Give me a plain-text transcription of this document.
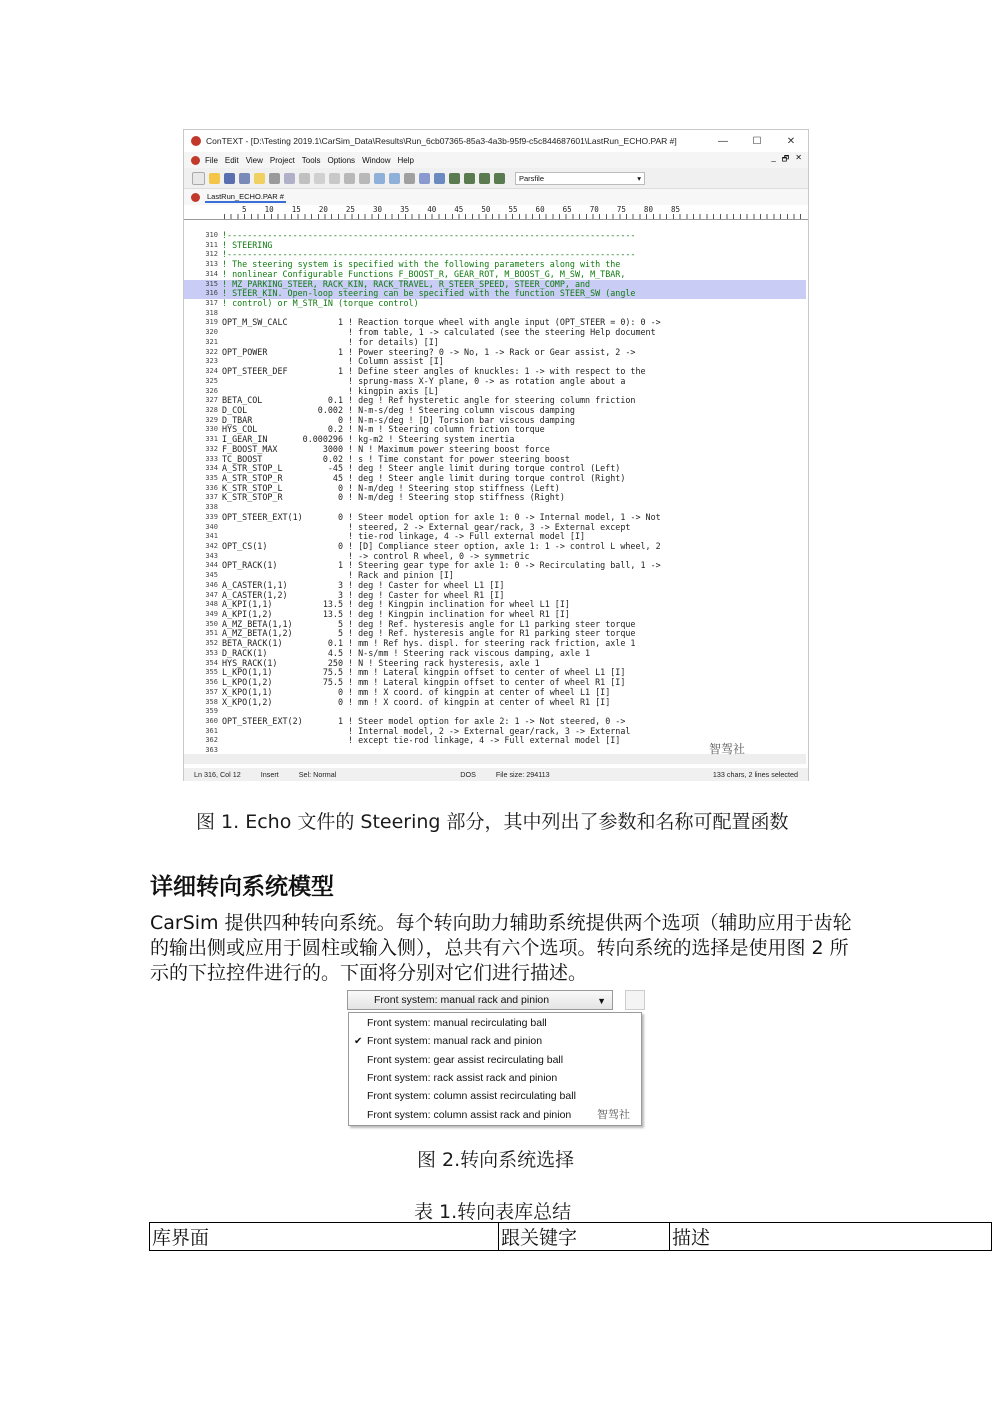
ConTEXT - [D:\Testing 2019.1\CarSim_Data\Results\Run_6cb07365-85a3-4a3b-95f9-c5c844687601\LastRun_ECHO.PAR #]	—	☐	✕
File Edit View Project Tools Options Window Help	_ 🗗 ✕
Parsfile	▾
LastRun_ECHO.PAR #
5    10    15    20    25    30    35    40    45    50    55    60    65    70    75    80    85
310 !---------------------------------------------------------------------------------
311 ! STEERING
312 !---------------------------------------------------------------------------------
313 ! The steering system is specified with the following parameters along with the
314 ! nonlinear Configurable Functions F_BOOST_R, GEAR_ROT, M_BOOST_G, M_SW, M_TBAR,
315 ! MZ_PARKING_STEER, RACK_KIN, RACK_TRAVEL, R_STEER_SPEED, STEER_COMP, and
316 ! STEER_KIN. Open-loop steering can be specified with the function STEER_SW (angle
317 ! control) or M_STR_IN (torque control)
318
319 OPT_M_SW_CALC          1 ! Reaction torque wheel with angle input (OPT_STEER = 0): 0 ->
320 ! from table, 1 -> calculated (see the steering Help document
321 ! for details) [I]
322 OPT_POWER              1 ! Power steering? 0 -> No, 1 -> Rack or Gear assist, 2 ->
323 ! Column assist [I]
324 OPT_STEER_DEF          1 ! Define steer angles of knuckles: 1 -> with respect to the
325 ! sprung-mass X-Y plane, 0 -> as rotation angle about a
326 ! kingpin axis [L]
327 BETA_COL             0.1 ! deg ! Ref hysteretic angle for steering column friction
328 D_COL              0.002 ! N-m-s/deg ! Steering column viscous damping
329 D_TBAR                 0 ! N-m-s/deg ! [D] Torsion bar viscous damping
330 HYS_COL              0.2 ! N-m ! Steering column friction torque
331 I_GEAR_IN       0.000296 ! kg-m2 ! Steering system inertia
332 F_BOOST_MAX         3000 ! N ! Maximum power steering boost force
333 TC_BOOST            0.02 ! s ! Time constant for power steering boost
334 A_STR_STOP_L         -45 ! deg ! Steer angle limit during torque control (Left)
335 A_STR_STOP_R          45 ! deg ! Steer angle limit during torque control (Right)
336 K_STR_STOP_L           0 ! N-m/deg ! Steering stop stiffness (Left)
337 K_STR_STOP_R           0 ! N-m/deg ! Steering stop stiffness (Right)
338
339 OPT_STEER_EXT(1)       0 ! Steer model option for axle 1: 0 -> Internal model, 1 -> Not
340 ! steered, 2 -> External gear/rack, 3 -> External except
341 ! tie-rod linkage, 4 -> Full external model [I]
342 OPT_CS(1)              0 ! [D] Compliance steer option, axle 1: 1 -> control L wheel, 2
343 ! -> control R wheel, 0 -> symmetric
344 OPT_RACK(1)            1 ! Steering gear type for axle 1: 0 -> Recirculating ball, 1 ->
345 ! Rack and pinion [I]
346 A_CASTER(1,1)          3 ! deg ! Caster for wheel L1 [I]
347 A_CASTER(1,2)          3 ! deg ! Caster for wheel R1 [I]
348 A_KPI(1,1)          13.5 ! deg ! Kingpin inclination for wheel L1 [I]
349 A_KPI(1,2)          13.5 ! deg ! Kingpin inclination for wheel R1 [I]
350 A_MZ_BETA(1,1)         5 ! deg ! Ref. hysteresis angle for L1 parking steer torque
351 A_MZ_BETA(1,2)         5 ! deg ! Ref. hysteresis angle for R1 parking steer torque
352 BETA_RACK(1)         0.1 ! mm ! Ref hys. displ. for steering rack friction, axle 1
353 D_RACK(1)            4.5 ! N-s/mm ! Steering rack viscous damping, axle 1
354 HYS_RACK(1)          250 ! N ! Steering rack hysteresis, axle 1
355 L_KPO(1,1)          75.5 ! mm ! Lateral kingpin offset to center of wheel L1 [I]
356 L_KPO(1,2)          75.5 ! mm ! Lateral kingpin offset to center of wheel R1 [I]
357 X_KPO(1,1)             0 ! mm ! X coord. of kingpin at center of wheel L1 [I]
358 X_KPO(1,2)             0 ! mm ! X coord. of kingpin at center of wheel R1 [I]
359
360 OPT_STEER_EXT(2)       1 ! Steer model option for axle 2: 1 -> Not steered, 0 ->
361 ! Internal model, 2 -> External gear/rack, 3 -> External
362 ! except tie-rod linkage, 4 -> Full external model [I]
363	智驾社
Ln 316, Col 12	Insert	Sel: Normal	DOS	File size: 294113	133 chars, 2 lines selected
图 1. Echo 文件的 Steering 部分，其中列出了参数和名称可配置函数
详细转向系统模型
CarSim 提供四种转向系统。每个转向助力辅助系统提供两个选项（辅助应用于齿轮的输出侧或应用于圆柱或输入侧），总共有六个选项。转向系统的选择是使用图 2 所示的下拉控件进行的。下面将分别对它们进行描述。
Front system: manual rack and pinion	▼
Front system: manual recirculating ball
✔ Front system: manual rack and pinion
Front system: gear assist recirculating ball
Front system: rack assist rack and pinion
Front system: column assist recirculating ball
Front system: column assist rack and pinion 智驾社
图 2.转向系统选择
表 1.转向表库总结
库界面	跟关键字	描述
